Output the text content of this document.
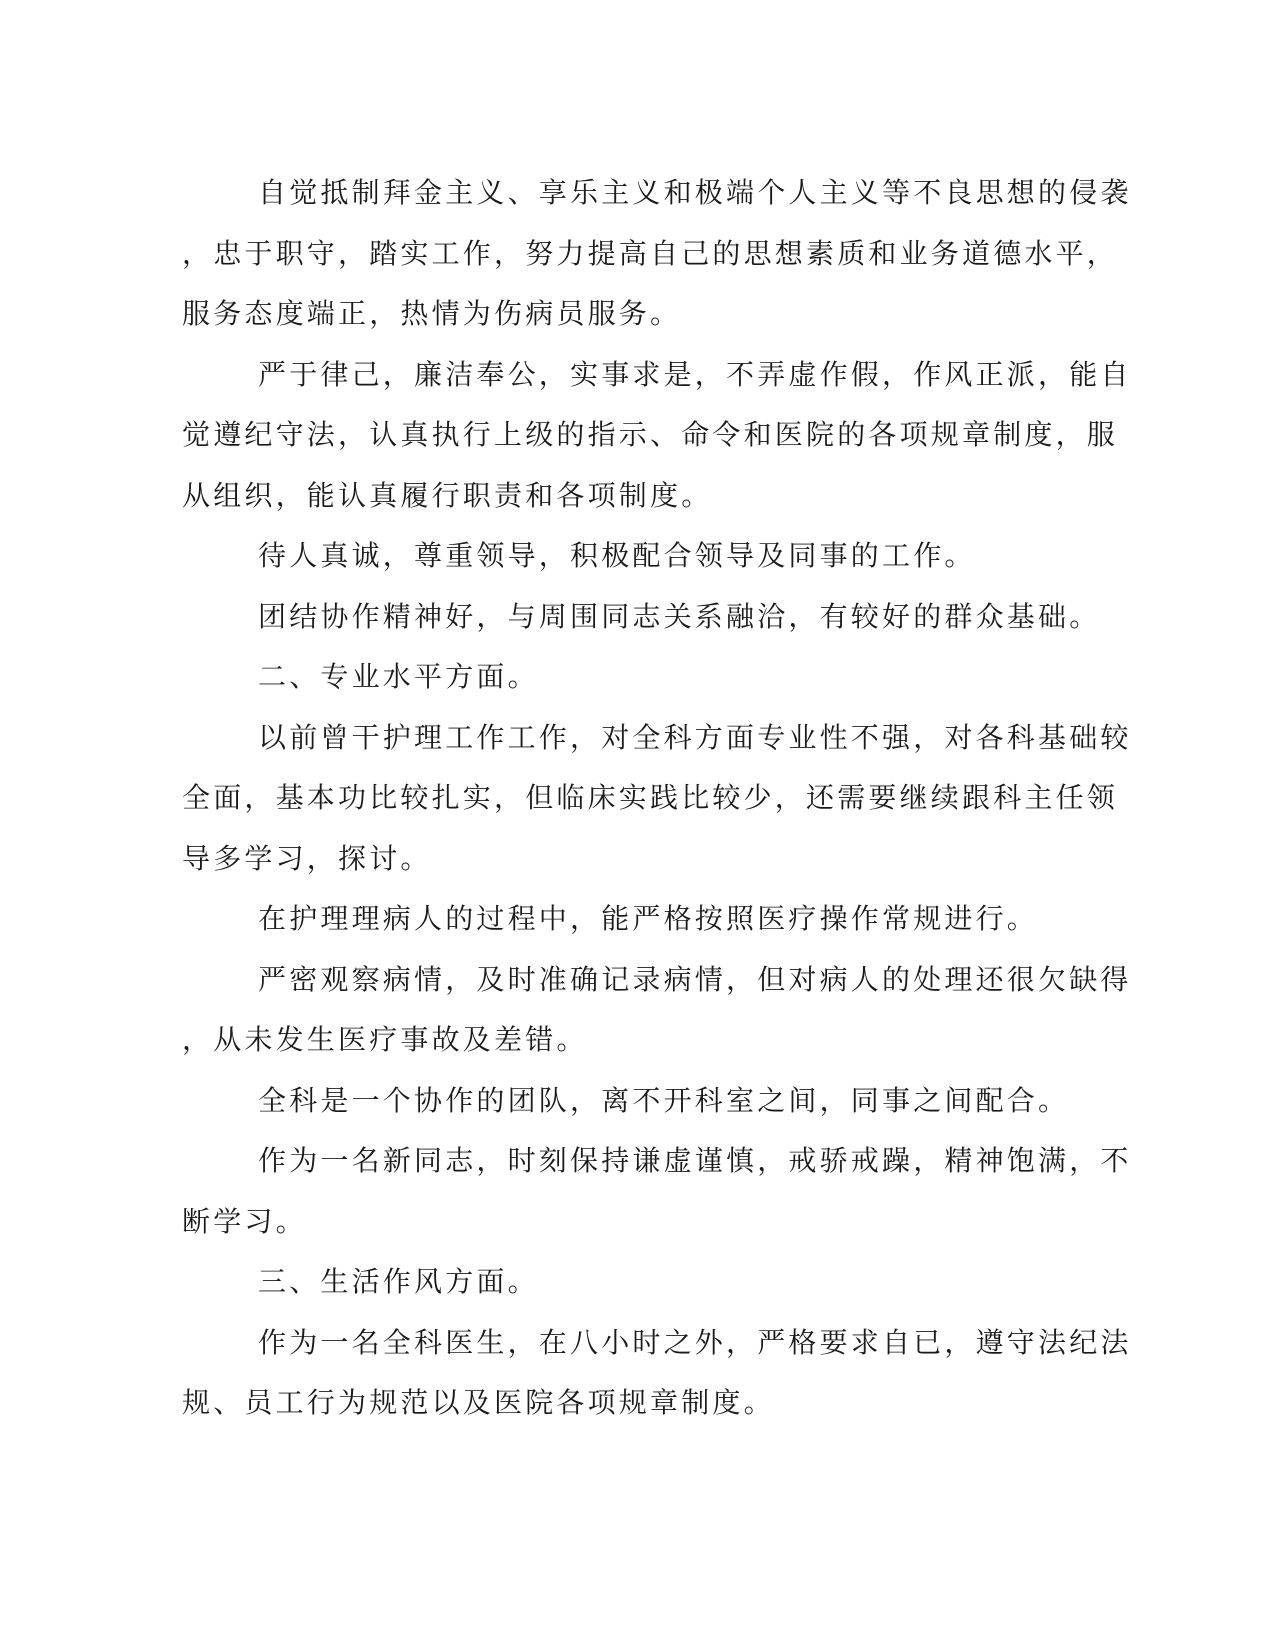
自觉抵制拜金主义、享乐主义和极端个人主义等不良思想的侵袭
，忠于职守，踏实工作，努力提高自己的思想素质和业务道德水平，
服务态度端正，热情为伤病员服务。

严于律己，廉洁奉公，实事求是，不弄虚作假，作风正派，能自
觉遵纪守法，认真执行上级的指示、命令和医院的各项规章制度，服
从组织，能认真履行职责和各项制度。

待人真诚，尊重领导，积极配合领导及同事的工作。

团结协作精神好，与周围同志关系融洽，有较好的群众基础。

二、专业水平方面。

以前曾干护理工作工作，对全科方面专业性不强，对各科基础较
全面，基本功比较扎实，但临床实践比较少，还需要继续跟科主任领
导多学习，探讨。

在护理理病人的过程中，能严格按照医疗操作常规进行。

严密观察病情，及时准确记录病情，但对病人的处理还很欠缺得
，从未发生医疗事故及差错。

全科是一个协作的团队，离不开科室之间，同事之间配合。

作为一名新同志，时刻保持谦虚谨慎，戒骄戒躁，精神饱满，不
断学习。

三、生活作风方面。

作为一名全科医生，在八小时之外，严格要求自已，遵守法纪法
规、员工行为规范以及医院各项规章制度。
